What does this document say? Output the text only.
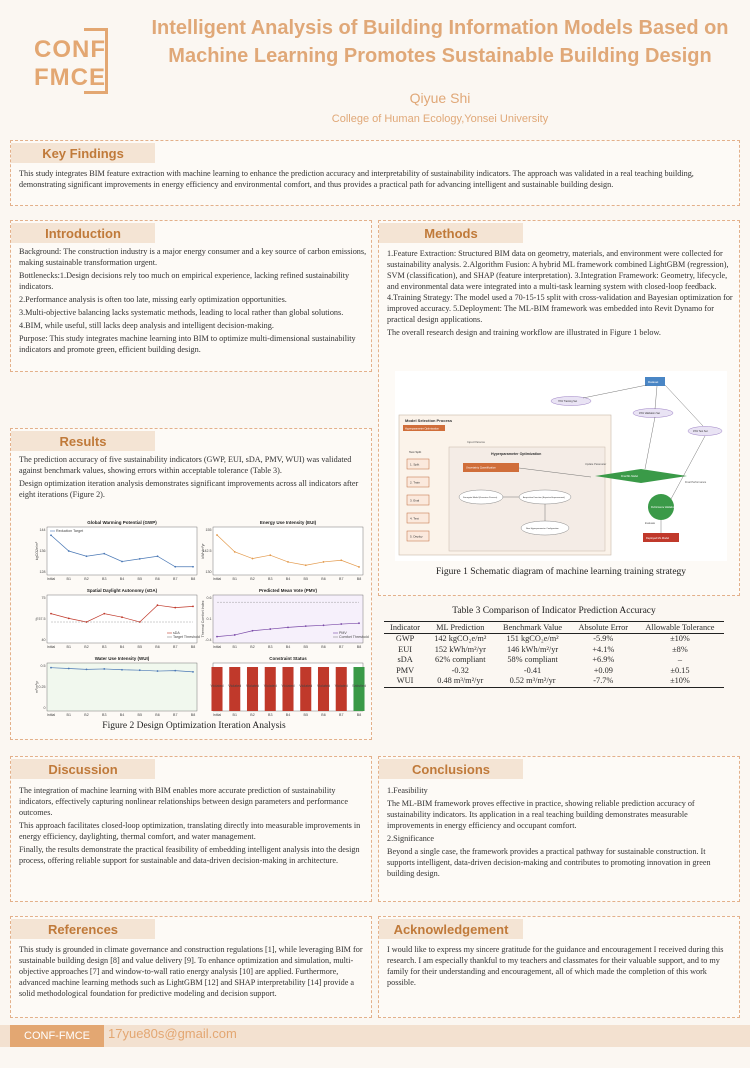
CONF
FMCE
Intelligent Analysis of Building Information Models Based on Machine Learning Promotes Sustainable Building Design
Qiyue Shi
College of Human Ecology,Yonsei University
Key Findings
This study integrates BIM feature extraction with machine learning to enhance the prediction accuracy and interpretability of sustainability indicators. The approach was validated in a real teaching building, demonstrating significant improvements in energy efficiency and environmental comfort, and thus provides a practical path for advancing intelligent and sustainable building design.
Introduction

Background: The construction industry is a major energy consumer and a key source of carbon emissions, making sustainable transformation urgent.

Bottlenecks:1.Design decisions rely too much on empirical experience, lacking refined sustainability indicators.

2.Performance analysis is often too late, missing early optimization opportunities.

3.Multi-objective balancing lacks systematic methods, leading to local rather than global solutions.

4.BIM, while useful, still lacks deep analysis and intelligent decision-making.

Purpose: This study integrates machine learning into BIM to optimize multi-dimensional sustainability indicators and promote green, efficient building design.

Methods

1.Feature Extraction: Structured BIM data on geometry, materials, and environment were collected for sustainability analysis. 2.Algorithm Fusion: A hybrid ML framework combined LightGBM (regression), SVM (classification), and SHAP (feature interpretation). 3.Integration Framework: Geometry, lifecycle, and environmental data were integrated into a multi-task learning system with closed-loop feedback. 4.Training Strategy: The model used a 70-15-15 split with cross-validation and Bayesian optimization for improved accuracy. 5.Deployment: The ML-BIM framework was embedded into Revit Dynamo for practical design applications.

The overall research design and training workflow are illustrated in Figure 1 below.

Model Selection Process
Hyperparameter Optimization
Input Params
Hyperparameter Optimization
Test Split
1. Split
2. Train
3. Eval
4. Test
5. Deploy
Uncertainty Quantification
Surrogate Model (Gaussian Process)	Acquisition Function (Expected Improvement)
New Hyperparameter Configuration
Update Parameter
Dataset
70% Training Set
15% Validation Set
15% Test Set
Final ML Model
Final Performance
Performance Validation
Evaluate
Deployed ML Model
Figure 1 Schematic diagram of machine learning training strategy
Results

The prediction accuracy of five sustainability indicators (GWP, EUI, sDA, PMV, WUI) was validated against benchmark values, showing errors within acceptable tolerance (Table 3).

Design optimization iteration analysis demonstrates significant improvements across all indicators after eight iterations (Figure 2).

Global Warming Potential (GWP)
Initial	B1	B2	B3	B4	B5	B6	B7	B8
kgCO2e/m²
128
136
144	Reduction Target
Energy Use Intensity (EUI)
Initial	B1	B2	B3	B4	B5	B6	B7	B8
kWh/m²yr
130
142.5
155
Spatial Daylight Autonomy (sDA)
Initial	B1	B2	B3	B4	B5	B6	B7	B8
%
40
57.5
75
sDA
Target Threshold
Predicted Mean Vote (PMV)
Initial	B1	B2	B3	B4	B5	B6	B7	B8
Thermal Comfort Index
-0.4
0.1
0.6
PMV
Comfort Threshold
Water Use Intensity (WUI)
Initial	B1	B2	B3	B4	B5	B6	B7	B8
m³/m²yr
0
0.25
0.5
Constraint Status
Initial	B1	B2	B3	B4	B5	B6	B7	B8
Violated Violated Violated Violated Violated Violated Violated Violated Satisfied
Figure 2 Design Optimization Iteration Analysis
Table 3 Comparison of Indicator Prediction Accuracy
Indicator	ML Prediction	Benchmark Value	Absolute Error	Allowable Tolerance
GWP	142 kgCO₂e/m²	151 kgCO₂e/m²	-5.9%	±10%
EUI	152 kWh/m²/yr	146 kWh/m²/yr	+4.1%	±8%
sDA	62% compliant	58% compliant	+6.9%	–
PMV	-0.32	-0.41	+0.09	±0.15
WUI	0.48 m³/m²/yr	0.52 m³/m²/yr	-7.7%	±10%
Discussion

The integration of machine learning with BIM enables more accurate prediction of sustainability indicators, effectively capturing nonlinear relationships between design parameters and performance outcomes.

This approach facilitates closed-loop optimization, translating directly into measurable improvements in energy efficiency, daylighting, thermal comfort, and water management.

Finally, the results demonstrate the practical feasibility of embedding intelligent analysis into the design process, offering reliable support for sustainable and data-driven decision-making in architecture.

Conclusions

1.Feasibility

The ML-BIM framework proves effective in practice, showing reliable prediction accuracy of sustainability indicators. Its application in a real teaching building demonstrates measurable improvements in energy efficiency and occupant comfort.

2.Significance

Beyond a single case, the framework provides a practical pathway for sustainable construction. It supports intelligent, data-driven decision-making and contributes to promoting innovation in green building design.

References
This study is grounded in climate governance and construction regulations [1], while leveraging BIM for sustainable building design [8] and value delivery [9]. To enhance optimization and simulation, multi-objective approaches [7] and window-to-wall ratio energy analysis [10] are applied. Furthermore, advanced machine learning methods such as LightGBM [12] and SHAP interpretability [14] provide a solid methodological foundation for predictive modeling and decision support.
Acknowledgement
I would like to express my sincere gratitude for the guidance and encouragement I received during this research. I am especially thankful to my teachers and classmates for their valuable support, and to my family for their understanding and encouragement, all of which made the completion of this work possible.
CONF-FMCE	17yue80s@gmail.com
